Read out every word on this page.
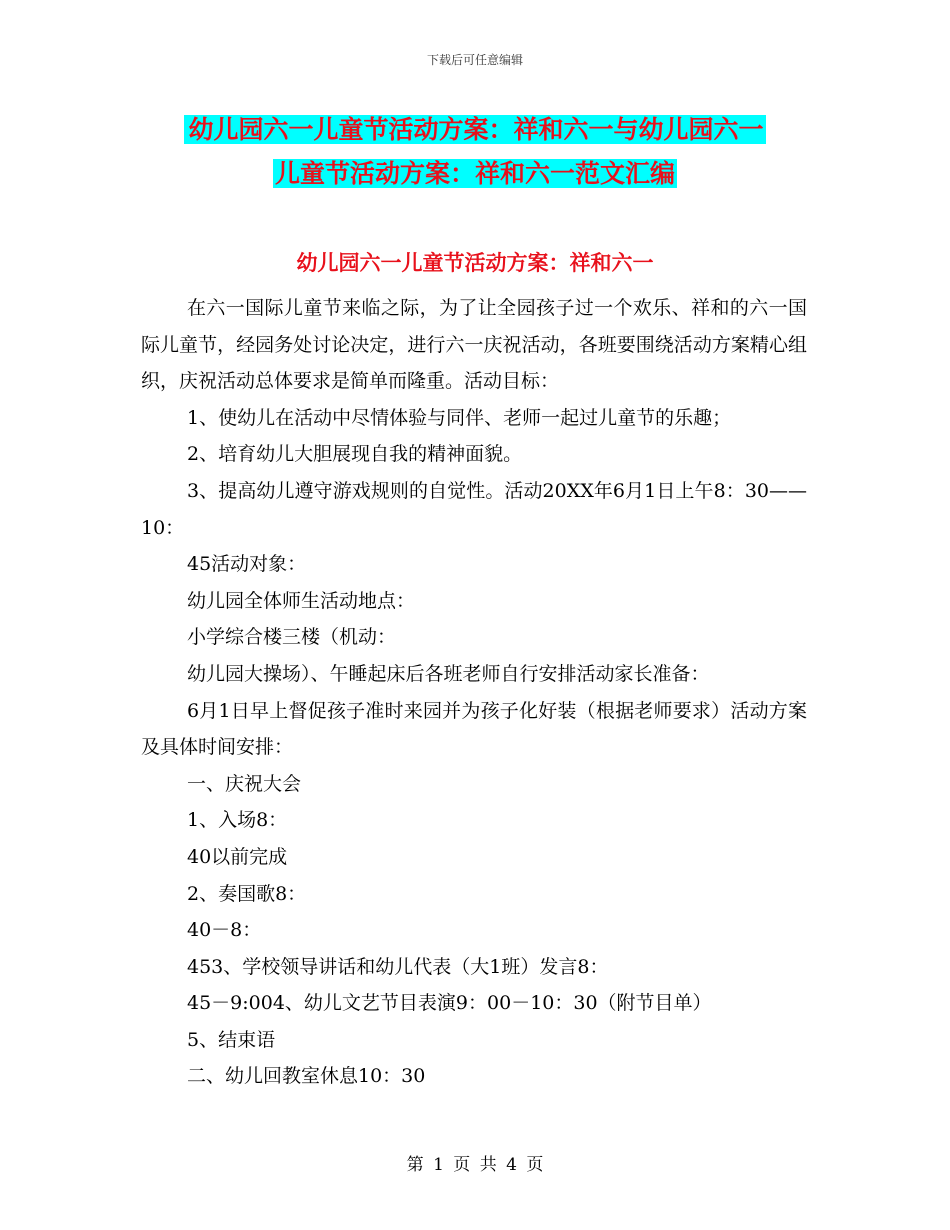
下载后可任意编辑
幼儿园六一儿童节活动方案：祥和六一与幼儿园六一
儿童节活动方案：祥和六一范文汇编
幼儿园六一儿童节活动方案：祥和六一

在六一国际儿童节来临之际，为了让全园孩子过一个欢乐、祥和的六一国际儿童节，经园务处讨论决定，进行六一庆祝活动，各班要围绕活动方案精心组织，庆祝活动总体要求是简单而隆重。活动目标：

1、使幼儿在活动中尽情体验与同伴、老师一起过儿童节的乐趣；

2、培育幼儿大胆展现自我的精神面貌。

3、提高幼儿遵守游戏规则的自觉性。活动20XX年6月1日上午8：30——10：

45活动对象：

幼儿园全体师生活动地点：

小学综合楼三楼（机动：

幼儿园大操场）、午睡起床后各班老师自行安排活动家长准备：

6月1日早上督促孩子准时来园并为孩子化好装（根据老师要求）活动方案及具体时间安排：

一、庆祝大会

1、入场8：

40以前完成

2、奏国歌8：

40－8：

453、学校领导讲话和幼儿代表（大1班）发言8：

45－9:004、幼儿文艺节目表演9：00－10：30（附节目单）

5、结束语

二、幼儿回教室休息10：30

第 1 页 共 4 页
